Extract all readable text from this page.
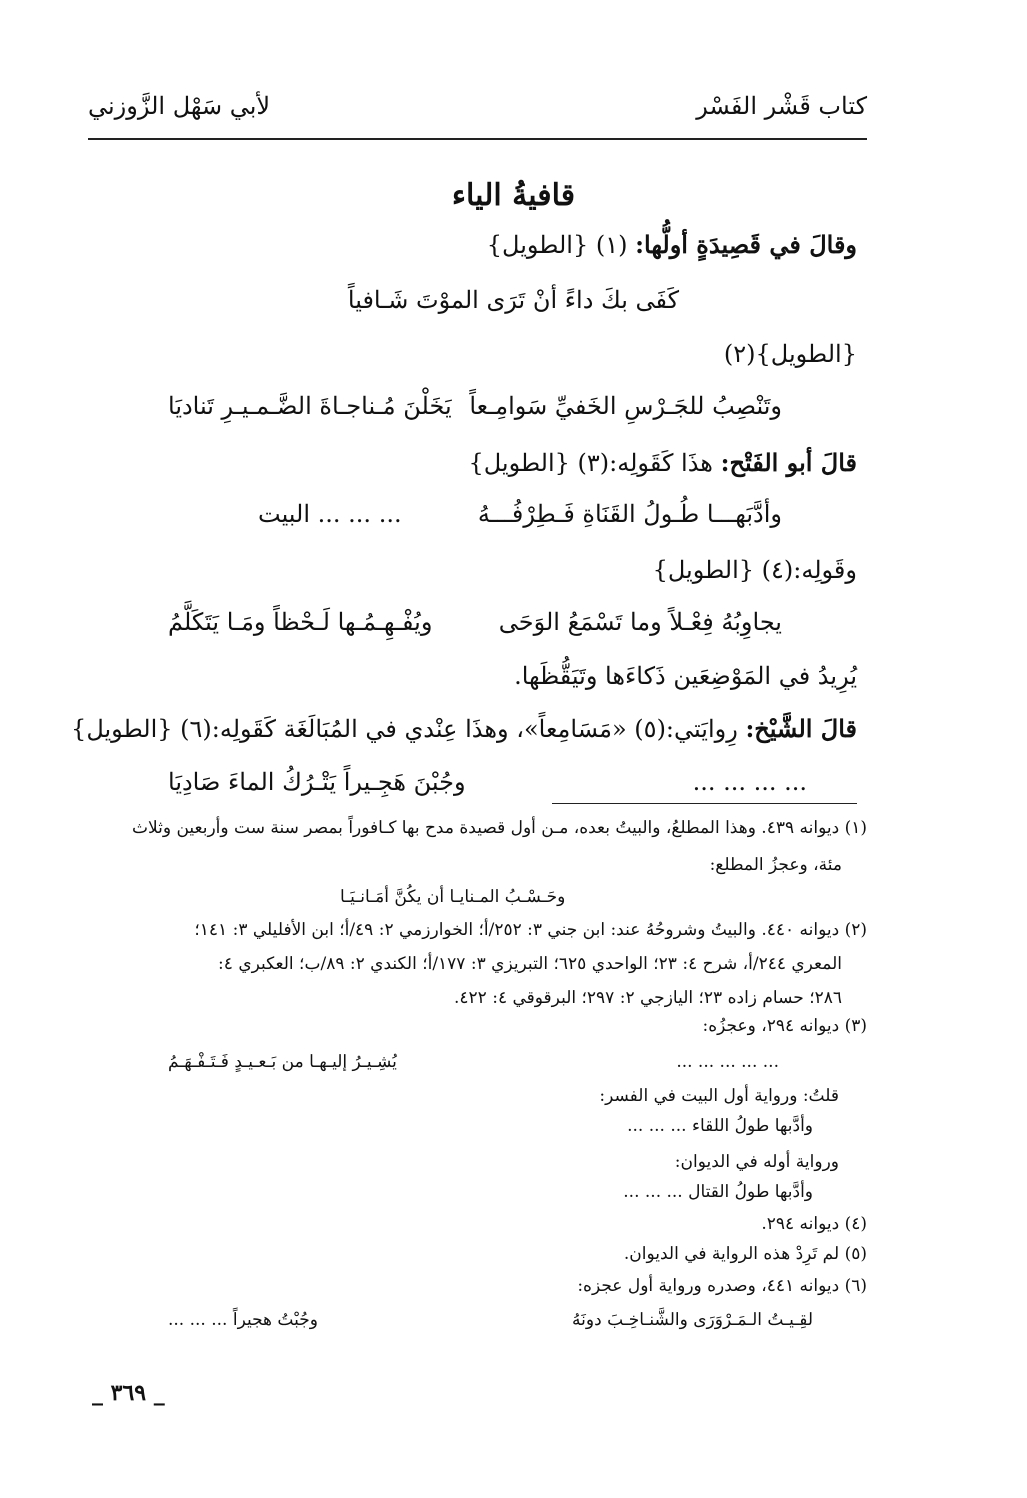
كتاب قَشْر الفَسْر
لأبي سَهْل الزَّوزني
قافيةُ الياء
وقالَ في قَصِيدَةٍ أولُّها: (١) {الطويل}
كَفَى بكَ داءً أنْ تَرَى الموْتَ شَـافياً
{الطويل}(٢)
وتَنْصِبُ للجَـرْسِ الخَفيِّ سَوامِـعاً
يَخَلْنَ مُـناجـاةَ الضَّـمـيـرِ تَناديَا
قالَ أبو الفَتْح: هذَا كَقَولِه:(٣) {الطويل}
وأدَّبَهـــا طُـولُ القَنَاةِ فَـطِرْفُـــهُ
البيت ... ... ...
وقَولِه:(٤) {الطويل}
يجاوِبُهُ فِعْـلاً وما تَسْمَعُ الوَحَى
ويُفْـهِـمُـها لَـحْظاً ومَـا يَتَكَلَّمُ
يُرِيدُ في المَوْضِعَين ذَكاءَها وتَيَقُّظَها.
قالَ الشَّيْخ: رِوايَتي:(٥) «مَسَامِعاً»، وهذَا عِنْدي في المُبَالَغَة كَقَولِه:(٦) {الطويل}
... ... ... ...
وجُبْنَ هَجِـيراً يَتْـرُكُ الماءَ صَادِيَا
(١) ديوانه ٤٣٩. وهذا المطلعُ، والبيتُ بعده، مـن أول قصيدة مدح بها كـافوراً بمصر سنة ست وأربعين وثلاث
مئة، وعجزُ المطلع:
وحَـسْـبُ المـنايـا أن يكُنَّ أمَـانـيَـا
(٢) ديوانه ٤٤٠. والبيتُ وشروحُهُ عند: ابن جني ٣: ٢٥٢/أ؛ الخوارزمي ٢: ٤٩/أ؛ ابن الأفليلي ٣: ١٤١؛
المعري ٢٤٤/أ، شرح ٤: ٢٣؛ الواحدي ٦٢٥؛ التبريزي ٣: ١٧٧/أ؛ الكندي ٢: ٨٩/ب؛ العكبري ٤:
٢٨٦؛ حسام زاده ٢٣؛ اليازجي ٢: ٢٩٧؛ البرقوقي ٤: ٤٢٢.
(٣) ديوانه ٢٩٤، وعجزُه:
... ... ... ... ...
يُشِـيـرُ إليـهـا من بَـعـيـدٍ فَـتَـفْـهَـمُ
قلتُ: ورواية أول البيت في الفسر:
وأدَّبها طولُ اللقاء ... ... ...
ورواية أوله في الديوان:
وأدَّبها طولُ القتال ... ... ...
(٤) ديوانه ٢٩٤.
(٥) لم تَرِدْ هذه الرواية في الديوان.
(٦) ديوانه ٤٤١، وصدره ورواية أول عجزه:
لقِـيـتُ الـمَـرْوَرَى والشَّنـاخِـبَ دونَهُ
وجُبْتُ هجيراً ... ... ...
_ ٣٦٩ _
